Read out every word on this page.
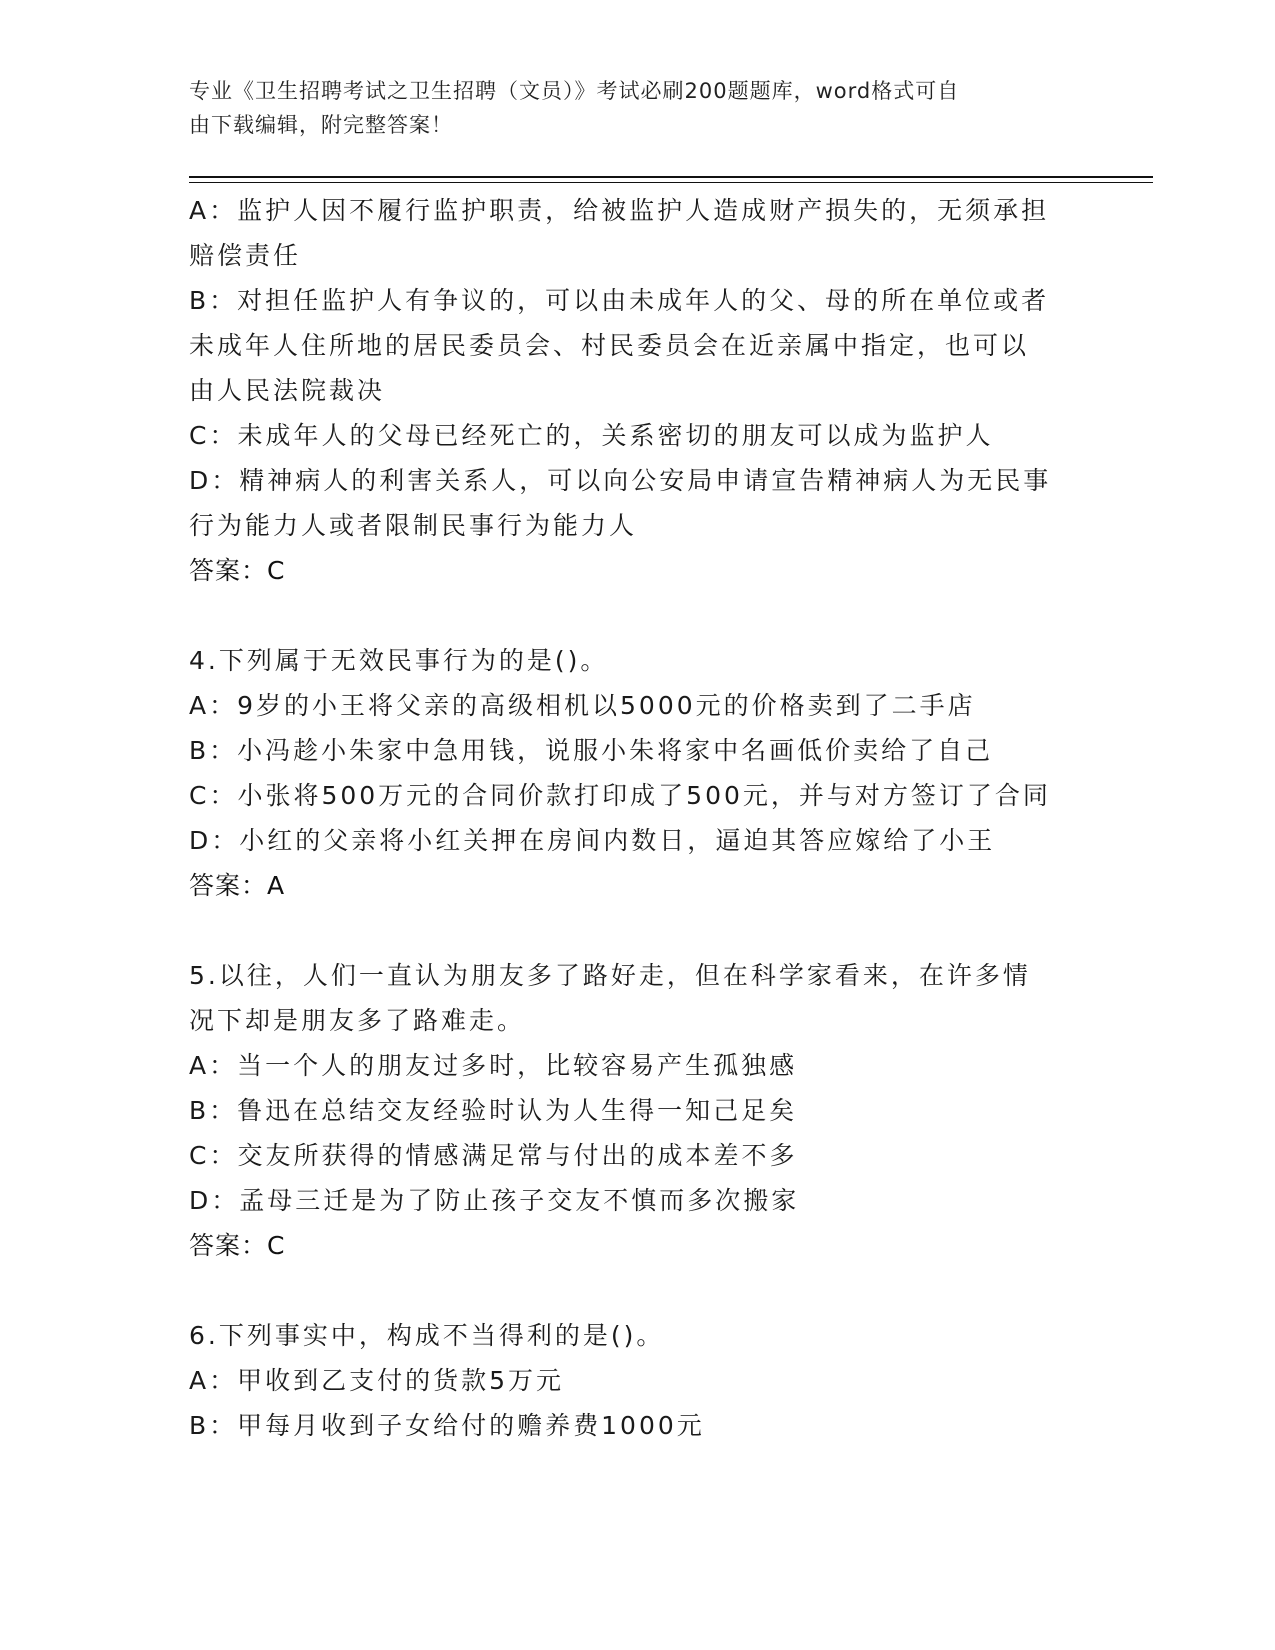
专业《卫生招聘考试之卫生招聘（文员）》考试必刷200题题库，word格式可自
由下载编辑，附完整答案！
A：监护人因不履行监护职责，给被监护人造成财产损失的，无须承担
赔偿责任
B：对担任监护人有争议的，可以由未成年人的父、母的所在单位或者
未成年人住所地的居民委员会、村民委员会在近亲属中指定，也可以
由人民法院裁决
C：未成年人的父母已经死亡的，关系密切的朋友可以成为监护人
D：精神病人的利害关系人，可以向公安局申请宣告精神病人为无民事
行为能力人或者限制民事行为能力人
答案：C
4.下列属于无效民事行为的是()。
A：9岁的小王将父亲的高级相机以5000元的价格卖到了二手店
B：小冯趁小朱家中急用钱，说服小朱将家中名画低价卖给了自己
C：小张将500万元的合同价款打印成了500元，并与对方签订了合同
D：小红的父亲将小红关押在房间内数日，逼迫其答应嫁给了小王
答案：A
5.以往，人们一直认为朋友多了路好走，但在科学家看来，在许多情
况下却是朋友多了路难走。
A：当一个人的朋友过多时，比较容易产生孤独感
B：鲁迅在总结交友经验时认为人生得一知己足矣
C：交友所获得的情感满足常与付出的成本差不多
D：孟母三迁是为了防止孩子交友不慎而多次搬家
答案：C
6.下列事实中，构成不当得利的是()。
A：甲收到乙支付的货款5万元
B：甲每月收到子女给付的赡养费1000元
